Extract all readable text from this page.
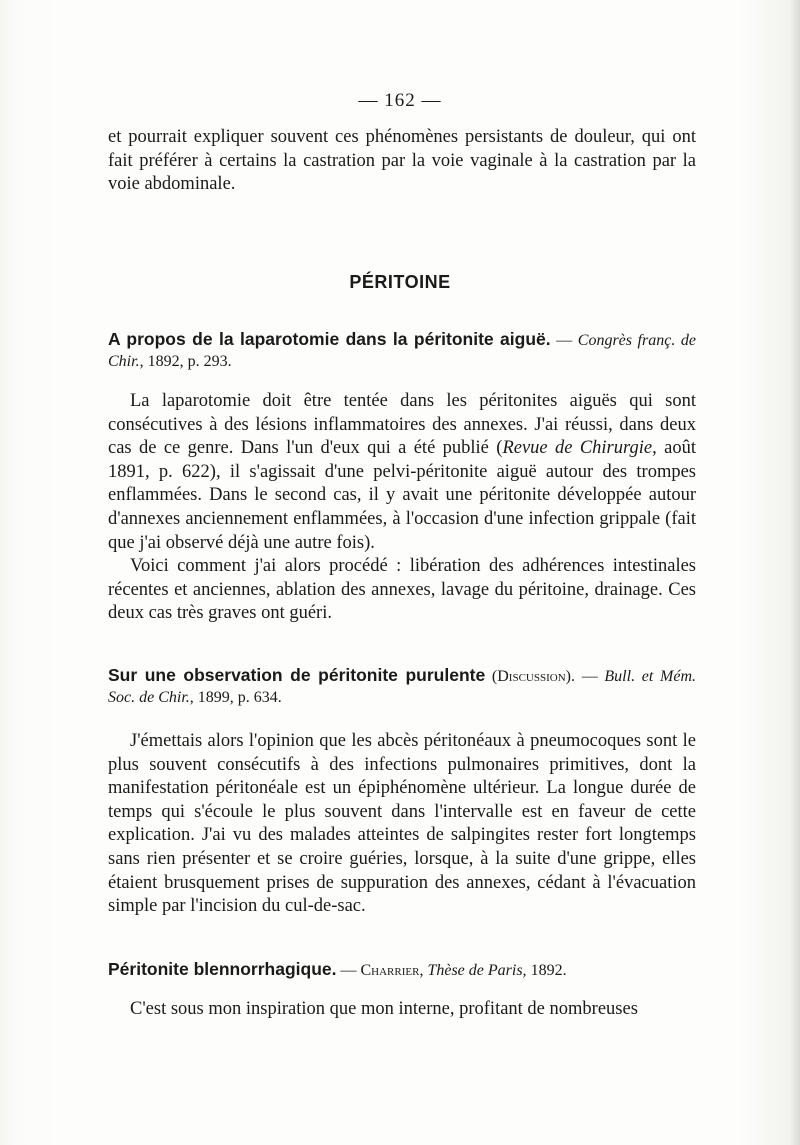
— 162 —

et pourrait expliquer souvent ces phénomènes persistants de douleur, qui ont fait préférer à certains la castration par la voie vaginale à la castration par la voie abdominale.

PÉRITOINE
A propos de la laparotomie dans la péritonite aiguë. — Congrès franç. de Chir., 1892, p. 293.

La laparotomie doit être tentée dans les péritonites aiguës qui sont consécutives à des lésions inflammatoires des annexes. J'ai réussi, dans deux cas de ce genre. Dans l'un d'eux qui a été publié (Revue de Chirurgie, août 1891, p. 622), il s'agissait d'une pelvi-péritonite aiguë autour des trompes enflammées. Dans le second cas, il y avait une péritonite développée autour d'annexes anciennement enflammées, à l'occasion d'une infection grippale (fait que j'ai observé déjà une autre fois).

Voici comment j'ai alors procédé : libération des adhérences intestinales récentes et anciennes, ablation des annexes, lavage du péritoine, drainage. Ces deux cas très graves ont guéri.

Sur une observation de péritonite purulente (Discussion). — Bull. et Mém. Soc. de Chir., 1899, p. 634.

J'émettais alors l'opinion que les abcès péritonéaux à pneumocoques sont le plus souvent consécutifs à des infections pulmonaires primitives, dont la manifestation péritonéale est un épiphénomène ultérieur. La longue durée de temps qui s'écoule le plus souvent dans l'intervalle est en faveur de cette explication. J'ai vu des malades atteintes de salpingites rester fort longtemps sans rien présenter et se croire guéries, lorsque, à la suite d'une grippe, elles étaient brusquement prises de suppuration des annexes, cédant à l'évacuation simple par l'incision du cul-de-sac.

Péritonite blennorrhagique. — Charrier, Thèse de Paris, 1892.

C'est sous mon inspiration que mon interne, profitant de nombreuses
